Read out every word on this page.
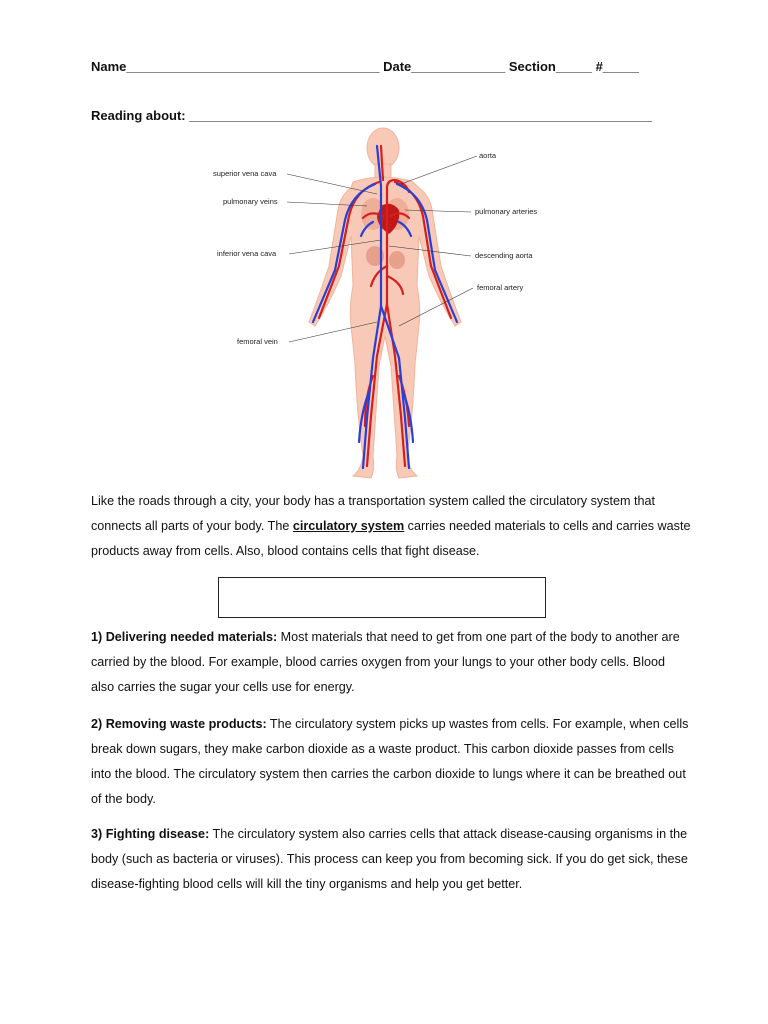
Name___________________________________ Date_____________ Section_____ #_____
Reading about: ________________________________________________________________
superior vena cava
pulmonary veins
inferior vena cava
femoral vein
aorta
pulmonary arteries
descending aorta
femoral artery
Like the roads through a city, your body has a transportation system called the circulatory system that connects all parts of your body. The circulatory system carries needed materials to cells and carries waste products away from cells. Also, blood contains cells that fight disease.
1) Delivering needed materials: Most materials that need to get from one part of the body to another are carried by the blood. For example, blood carries oxygen from your lungs to your other body cells. Blood also carries the sugar your cells use for energy.
2) Removing waste products: The circulatory system picks up wastes from cells. For example, when cells break down sugars, they make carbon dioxide as a waste product. This carbon dioxide passes from cells into the blood. The circulatory system then carries the carbon dioxide to lungs where it can be breathed out of the body.
3) Fighting disease: The circulatory system also carries cells that attack disease-causing organisms in the body (such as bacteria or viruses). This process can keep you from becoming sick. If you do get sick, these disease-fighting blood cells will kill the tiny organisms and help you get better.
